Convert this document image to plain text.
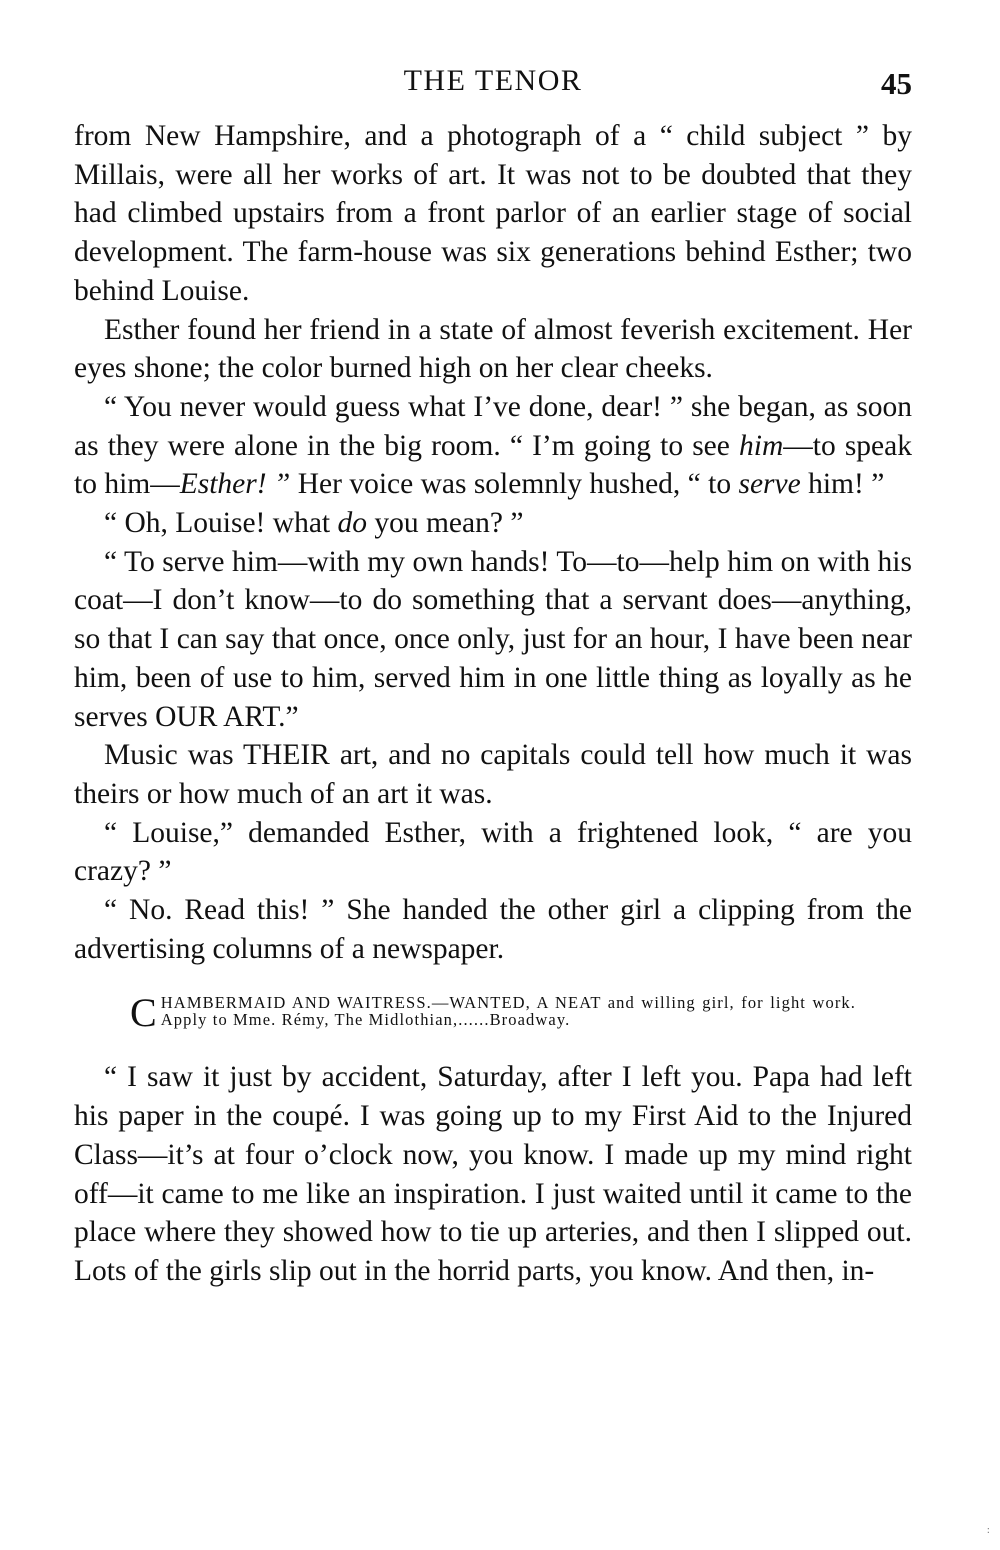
THE TENOR	45

from New Hampshire, and a photograph of a “ child subject ” by Millais, were all her works of art. It was not to be doubted that they had climbed upstairs from a front parlor of an earlier stage of social development. The farm-house was six generations behind Esther; two behind Louise.

Esther found her friend in a state of almost feverish excitement. Her eyes shone; the color burned high on her clear cheeks.

“ You never would guess what I’ve done, dear! ” she began, as soon as they were alone in the big room. “ I’m going to see him—to speak to him—Esther! ” Her voice was solemnly hushed, “ to serve him! ”

“ Oh, Louise! what do you mean? ”

“ To serve him—with my own hands! To—to—help him on with his coat—I don’t know—to do something that a servant does—anything, so that I can say that once, once only, just for an hour, I have been near him, been of use to him, served him in one little thing as loyally as he serves OUR ART.”

Music was THEIR art, and no capitals could tell how much it was theirs or how much of an art it was.

“ Louise,” demanded Esther, with a frightened look, “ are you crazy? ”

“ No. Read this! ” She handed the other girl a clipping from the advertising columns of a newspaper.

CHAMBERMAID AND WAITRESS.—WANTED, A NEAT and willing girl, for light work. Apply to Mme. Rémy, The Midlothian,......Broadway.

“ I saw it just by accident, Saturday, after I left you. Papa had left his paper in the coupé. I was going up to my First Aid to the Injured Class—it’s at four o’clock now, you know. I made up my mind right off—it came to me like an inspiration. I just waited until it came to the place where they showed how to tie up arteries, and then I slipped out. Lots of the girls slip out in the horrid parts, you know. And then, in-

:
